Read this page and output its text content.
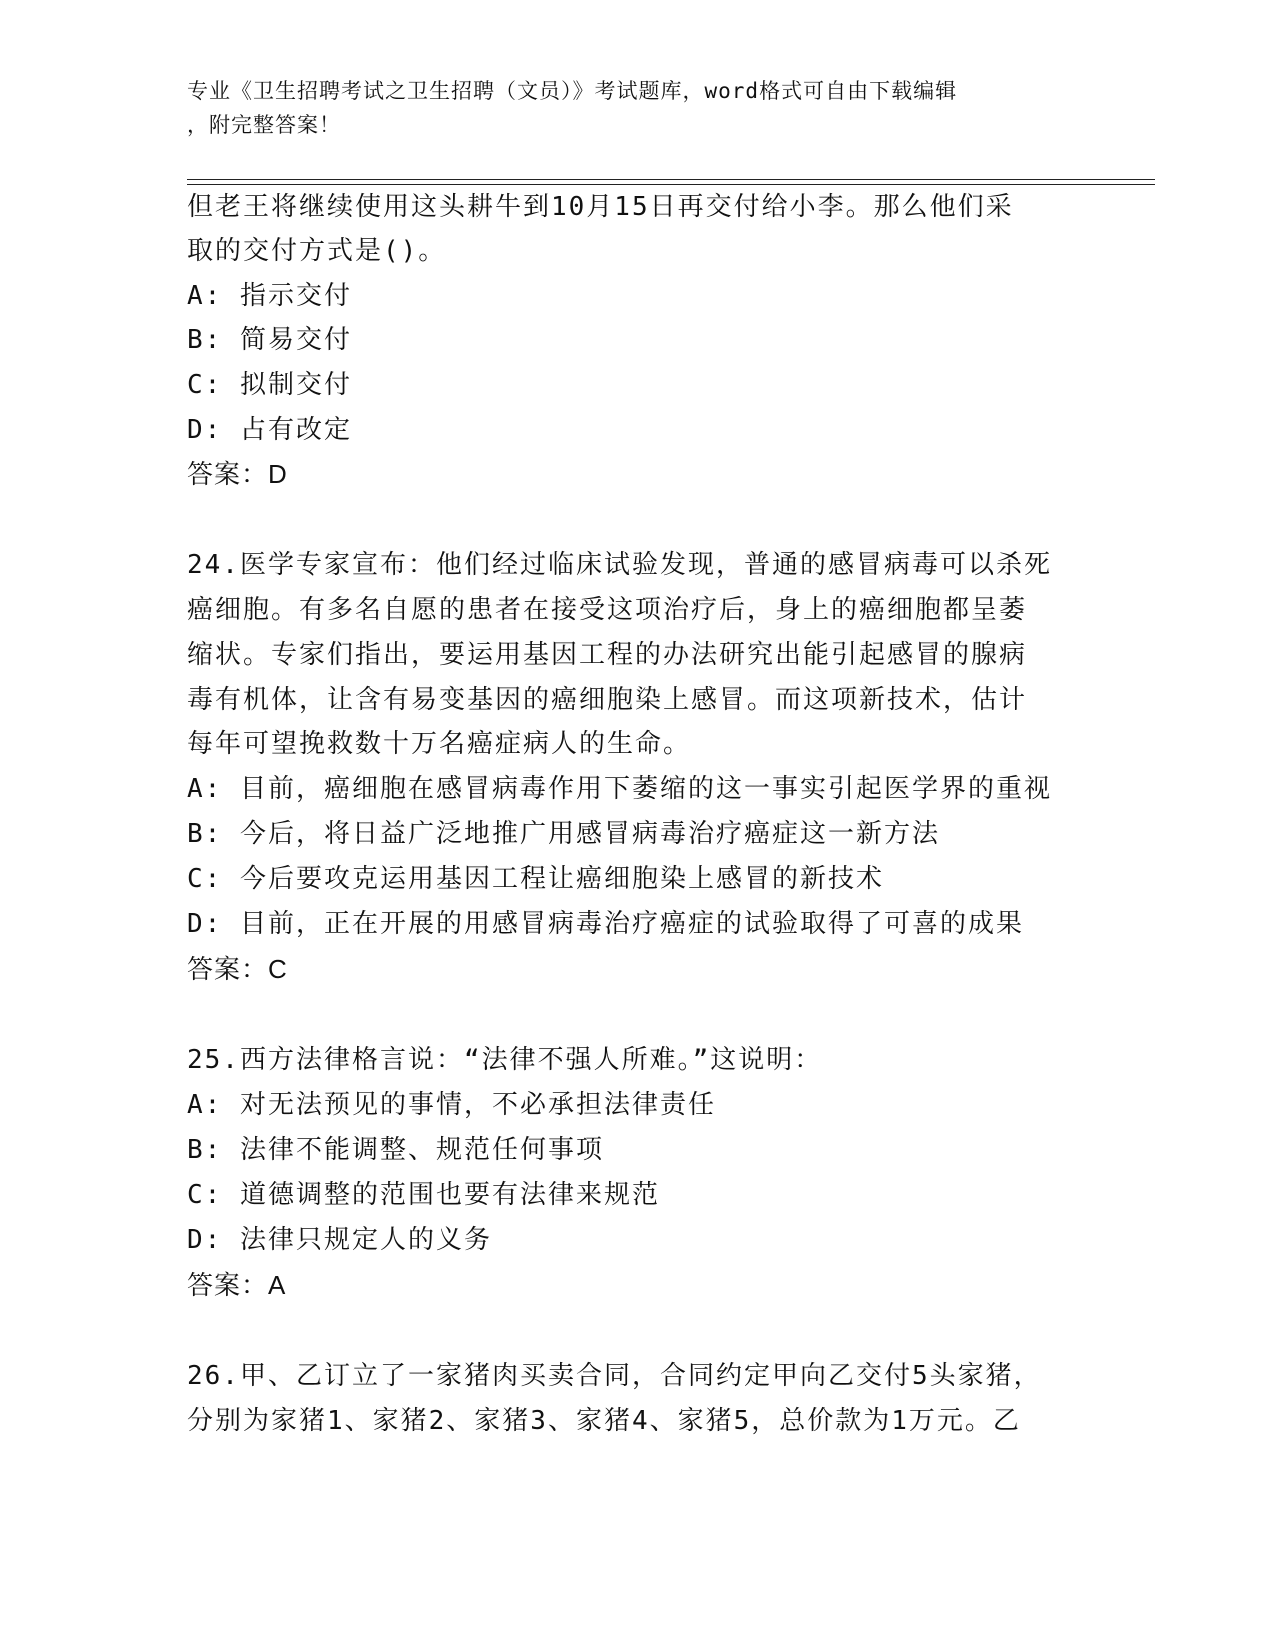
专业《卫生招聘考试之卫生招聘（文员）》考试题库，word格式可自由下载编辑
，附完整答案！
但老王将继续使用这头耕牛到10月15日再交付给小李。那么他们采
取的交付方式是()。
A: 指示交付
B: 简易交付
C: 拟制交付
D: 占有改定
答案：D
24.医学专家宣布：他们经过临床试验发现，普通的感冒病毒可以杀死
癌细胞。有多名自愿的患者在接受这项治疗后，身上的癌细胞都呈萎
缩状。专家们指出，要运用基因工程的办法研究出能引起感冒的腺病
毒有机体，让含有易变基因的癌细胞染上感冒。而这项新技术，估计
每年可望挽救数十万名癌症病人的生命。
A: 目前，癌细胞在感冒病毒作用下萎缩的这一事实引起医学界的重视
B: 今后，将日益广泛地推广用感冒病毒治疗癌症这一新方法
C: 今后要攻克运用基因工程让癌细胞染上感冒的新技术
D: 目前，正在开展的用感冒病毒治疗癌症的试验取得了可喜的成果
答案：C
25.西方法律格言说：“法律不强人所难。”这说明：
A: 对无法预见的事情，不必承担法律责任
B: 法律不能调整、规范任何事项
C: 道德调整的范围也要有法律来规范
D: 法律只规定人的义务
答案：A
26.甲、乙订立了一家猪肉买卖合同，合同约定甲向乙交付5头家猪，
分别为家猪1、家猪2、家猪3、家猪4、家猪5，总价款为1万元。乙
